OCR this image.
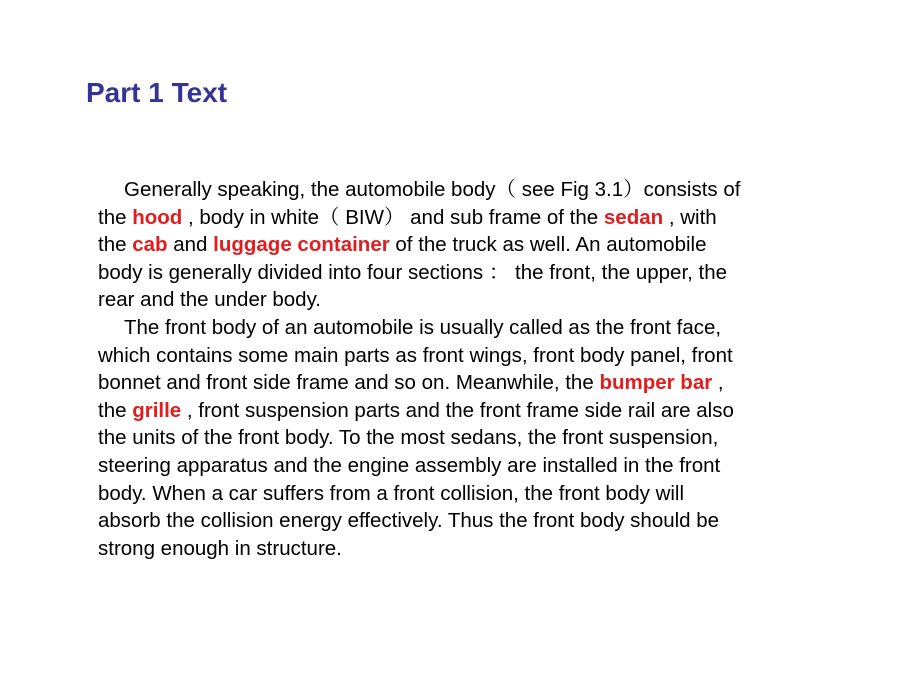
Part 1 Text
Generally speaking, the automobile body（ see Fig 3.1）consists of
the hood , body in white（ BIW） and sub frame of the sedan , with
the cab and luggage container of the truck as well. An automobile
body is generally divided into four sections ： the front, the upper, the
rear and the under body.
The front body of an automobile is usually called as the front face,
which contains some main parts as front wings, front body panel, front
bonnet and front side frame and so on. Meanwhile, the bumper bar ,
the grille , front suspension parts and the front frame side rail are also
the units of the front body. To the most sedans, the front suspension,
steering apparatus and the engine assembly are installed in the front
body. When a car suffers from a front collision, the front body will
absorb the collision energy effectively. Thus the front body should be
strong enough in structure.
